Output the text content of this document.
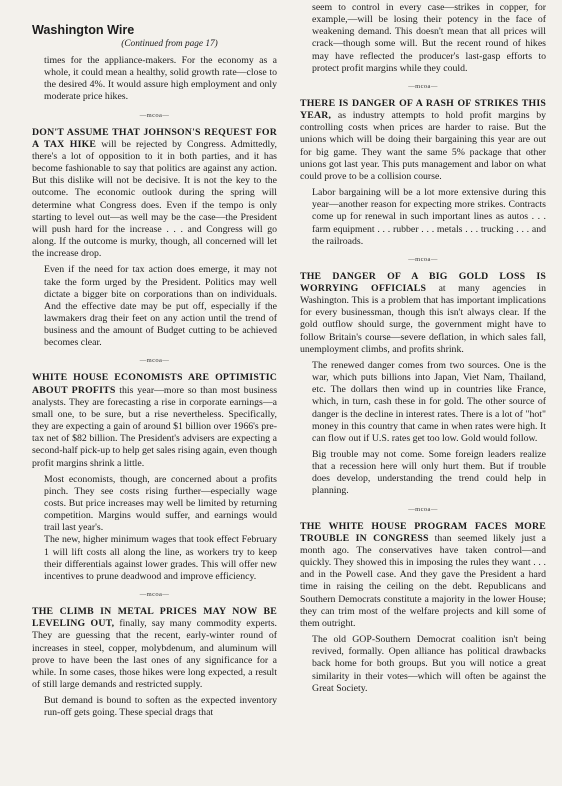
Washington Wire
(Continued from page 17)

times for the appliance-makers. For the economy as a whole, it could mean a healthy, solid growth rate—close to the desired 4%. It would assure high employment and only moderate price hikes.

—mcoa—

DON'T ASSUME THAT JOHNSON'S REQUEST FOR A TAX HIKE will be rejected by Congress. Admittedly, there's a lot of opposition to it in both parties, and it has become fashionable to say that politics are against any action. But this dislike will not be decisive. It is not the key to the outcome. The economic outlook during the spring will determine what Congress does. Even if the tempo is only starting to level out—as well may be the case—the President will push hard for the increase . . . and Congress will go along. If the outcome is murky, though, all concerned will let the increase drop.

Even if the need for tax action does emerge, it may not take the form urged by the President. Politics may well dictate a bigger bite on corporations than on individuals. And the effective date may be put off, especially if the lawmakers drag their feet on any action until the trend of business and the amount of Budget cutting to be achieved becomes clear.

—mcoa—

WHITE HOUSE ECONOMISTS ARE OPTIMISTIC ABOUT PROFITS this year—more so than most business analysts. They are forecasting a rise in corporate earnings—a small one, to be sure, but a rise nevertheless. Specifically, they are expecting a gain of around $1 billion over 1966's pre-tax net of $82 billion. The President's advisers are expecting a second-half pick-up to help get sales rising again, even though profit margins shrink a little.

Most economists, though, are concerned about a profits pinch. They see costs rising further—especially wage costs. But price increases may well be limited by returning competition. Margins would suffer, and earnings would trail last year's.

The new, higher minimum wages that took effect February 1 will lift costs all along the line, as workers try to keep their differentials against lower grades. This will offer new incentives to prune deadwood and improve efficiency.

—mcoa—

THE CLIMB IN METAL PRICES MAY NOW BE LEVELING OUT, finally, say many commodity experts. They are guessing that the recent, early-winter round of increases in steel, copper, molybdenum, and aluminum will prove to have been the last ones of any significance for a while. In some cases, those hikes were long expected, a result of still large demands and restricted supply.

But demand is bound to soften as the expected inventory run-off gets going. These special drags that

seem to control in every case—strikes in copper, for example,—will be losing their potency in the face of weakening demand. This doesn't mean that all prices will crack—though some will. But the recent round of hikes may have reflected the producer's last-gasp efforts to protect profit margins while they could.

—mcoa—

THERE IS DANGER OF A RASH OF STRIKES THIS YEAR, as industry attempts to hold profit margins by controlling costs when prices are harder to raise. But the unions which will be doing their bargaining this year are out for big game. They want the same 5% package that other unions got last year. This puts management and labor on what could prove to be a collision course.

Labor bargaining will be a lot more extensive during this year—another reason for expecting more strikes. Contracts come up for renewal in such important lines as autos . . . farm equipment . . . rubber . . . metals . . . trucking . . . and the railroads.

—mcoa—

THE DANGER OF A BIG GOLD LOSS IS WORRYING OFFICIALS at many agencies in Washington. This is a problem that has important implications for every businessman, though this isn't always clear. If the gold outflow should surge, the government might have to follow Britain's course—severe deflation, in which sales fall, unemployment climbs, and profits shrink.

The renewed danger comes from two sources. One is the war, which puts billions into Japan, Viet Nam, Thailand, etc. The dollars then wind up in countries like France, which, in turn, cash these in for gold. The other source of danger is the decline in interest rates. There is a lot of "hot" money in this country that came in when rates were high. It can flow out if U.S. rates get too low. Gold would follow.

Big trouble may not come. Some foreign leaders realize that a recession here will only hurt them. But if trouble does develop, understanding the trend could help in planning.

—mcoa—

THE WHITE HOUSE PROGRAM FACES MORE TROUBLE IN CONGRESS than seemed likely just a month ago. The conservatives have taken control—and quickly. They showed this in imposing the rules they want . . . and in the Powell case. And they gave the President a hard time in raising the ceiling on the debt. Republicans and Southern Democrats constitute a majority in the lower House; they can trim most of the welfare projects and kill some of them outright.

The old GOP-Southern Democrat coalition isn't being revived, formally. Open alliance has political drawbacks back home for both groups. But you will notice a great similarity in their votes—which will often be against the Great Society.
